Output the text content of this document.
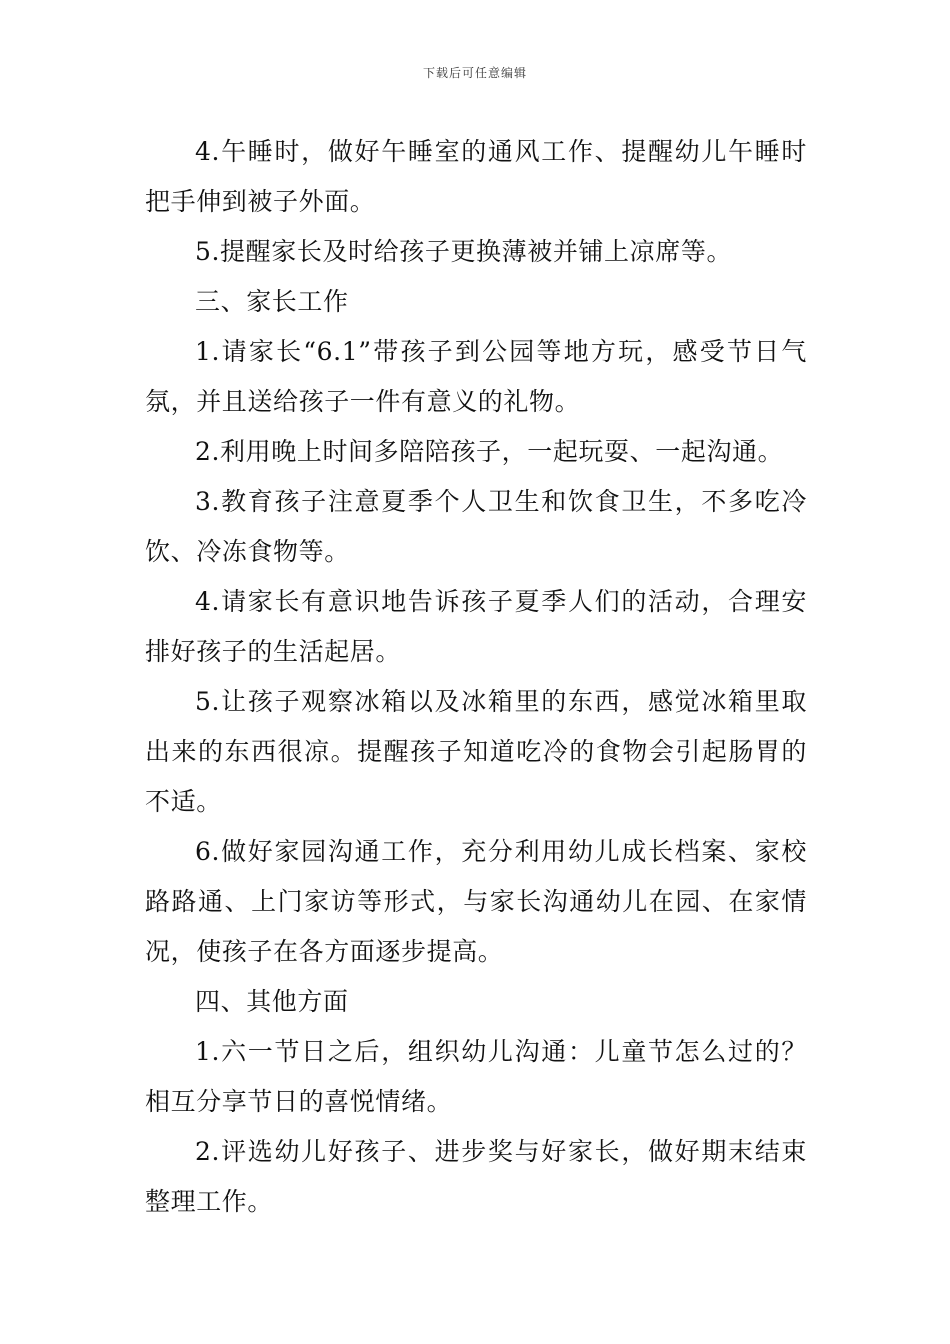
下载后可任意编辑

4.午睡时，做好午睡室的通风工作、提醒幼儿午睡时把手伸到被子外面。

5.提醒家长及时给孩子更换薄被并铺上凉席等。

三、家长工作

1.请家长“6.1”带孩子到公园等地方玩，感受节日气氛，并且送给孩子一件有意义的礼物。

2.利用晚上时间多陪陪孩子，一起玩耍、一起沟通。

3.教育孩子注意夏季个人卫生和饮食卫生，不多吃冷饮、冷冻食物等。

4.请家长有意识地告诉孩子夏季人们的活动，合理安排好孩子的生活起居。

5.让孩子观察冰箱以及冰箱里的东西，感觉冰箱里取出来的东西很凉。提醒孩子知道吃冷的食物会引起肠胃的不适。

6.做好家园沟通工作，充分利用幼儿成长档案、家校路路通、上门家访等形式，与家长沟通幼儿在园、在家情况，使孩子在各方面逐步提高。

四、其他方面

1.六一节日之后，组织幼儿沟通：儿童节怎么过的？相互分享节日的喜悦情绪。

2.评选幼儿好孩子、进步奖与好家长，做好期末结束整理工作。
